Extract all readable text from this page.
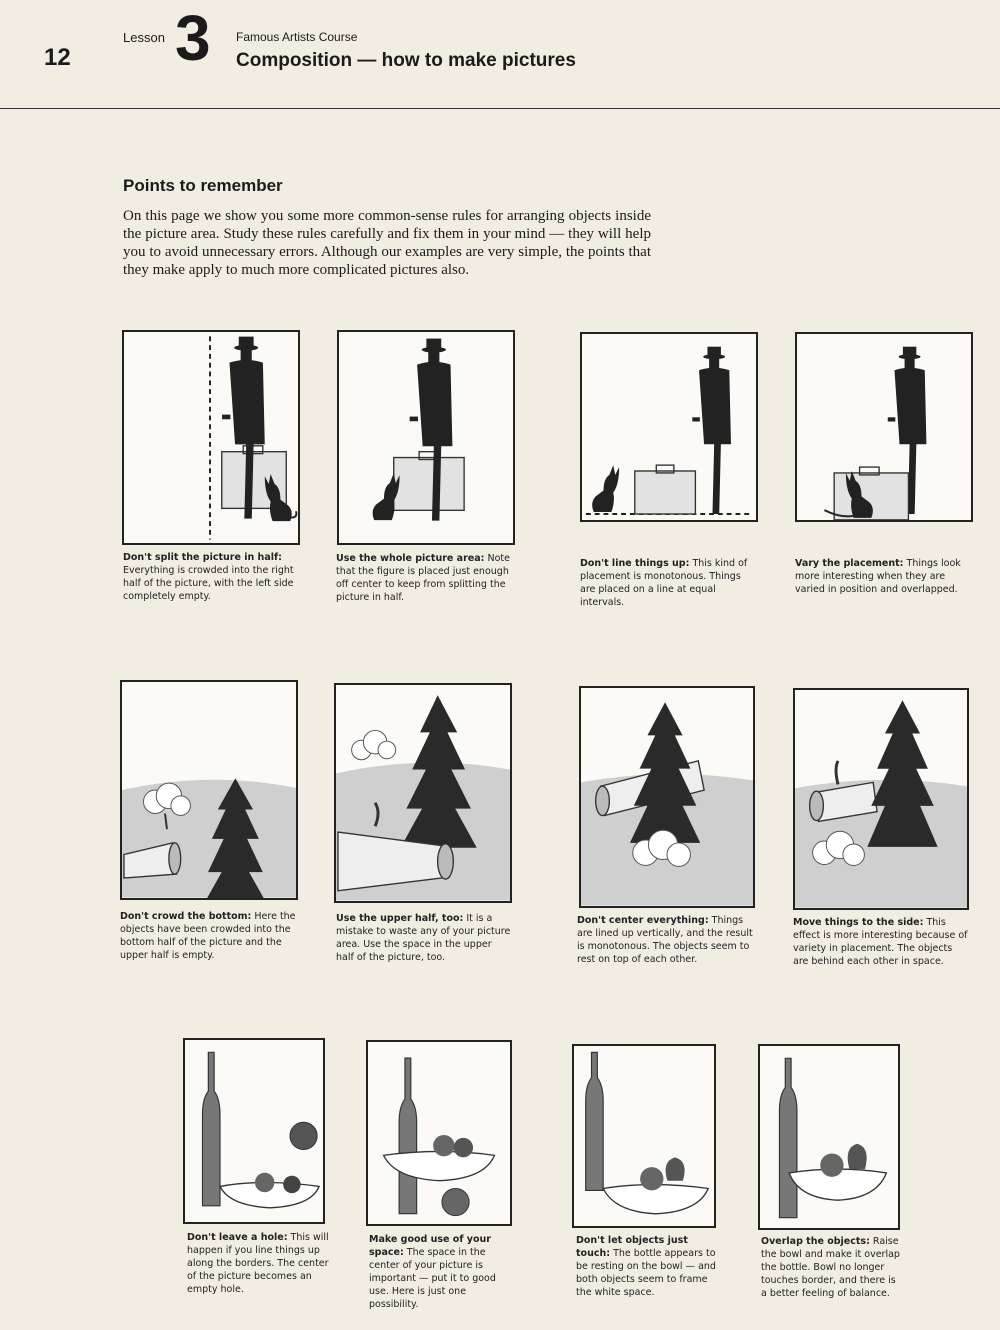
12
Lesson 3 Famous Artists Course
Composition — how to make pictures
Points to remember
On this page we show you some more common-sense rules for arranging objects inside the picture area. Study these rules carefully and fix them in your mind — they will help you to avoid unnecessary errors. Although our examples are very simple, the points that they make apply to much more complicated pictures also.
Don't split the picture in half: Everything is crowded into the right half of the picture, with the left side completely empty.
Use the whole picture area: Note that the figure is placed just enough off center to keep from splitting the picture in half.
Don't line things up: This kind of placement is monotonous. Things are placed on a line at equal intervals.
Vary the placement: Things look more interesting when they are varied in position and overlapped.
Don't crowd the bottom: Here the objects have been crowded into the bottom half of the picture and the upper half is empty.
Use the upper half, too: It is a mistake to waste any of your picture area. Use the space in the upper half of the picture, too.
Don't center everything: Things are lined up vertically, and the result is monotonous. The objects seem to rest on top of each other.
Move things to the side: This effect is more interesting because of variety in placement. The objects are behind each other in space.
Don't leave a hole: This will happen if you line things up along the borders. The center of the picture becomes an empty hole.
Make good use of your space: The space in the center of your picture is important — put it to good use. Here is just one possibility.
Don't let objects just touch: The bottle appears to be resting on the bowl — and both objects seem to frame the white space.
Overlap the objects: Raise the bowl and make it overlap the bottle. Bowl no longer touches border, and there is a better feeling of balance.
